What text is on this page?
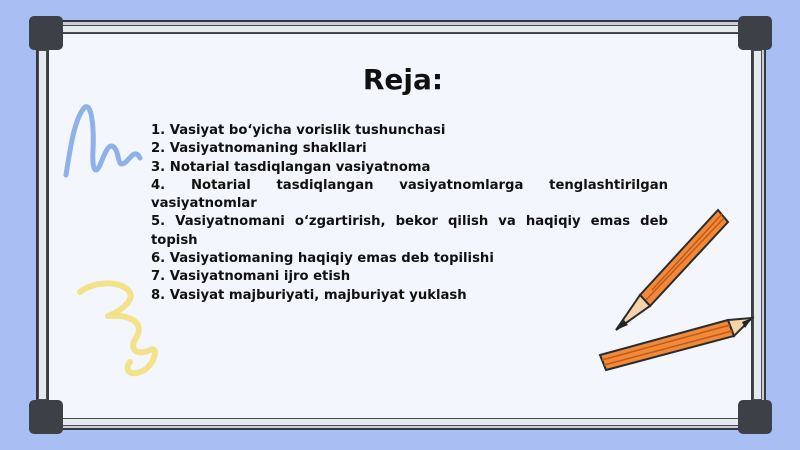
Reja:
1. Vasiyat bo‘yicha vorislik tushunchasi
2. Vasiyatnomaning shakllari
3. Notarial tasdiqlangan vasiyatnoma
4. Notarial tasdiqlangan vasiyatnomlarga tenglashtirilgan vasiyatnomlar
5. Vasiyatnomani o‘zgartirish, bekor qilish va haqiqiy emas deb topish
6. Vasiyatiomaning haqiqiy emas deb topilishi
7. Vasiyatnomani ijro etish
8. Vasiyat majburiyati, majburiyat yuklash
